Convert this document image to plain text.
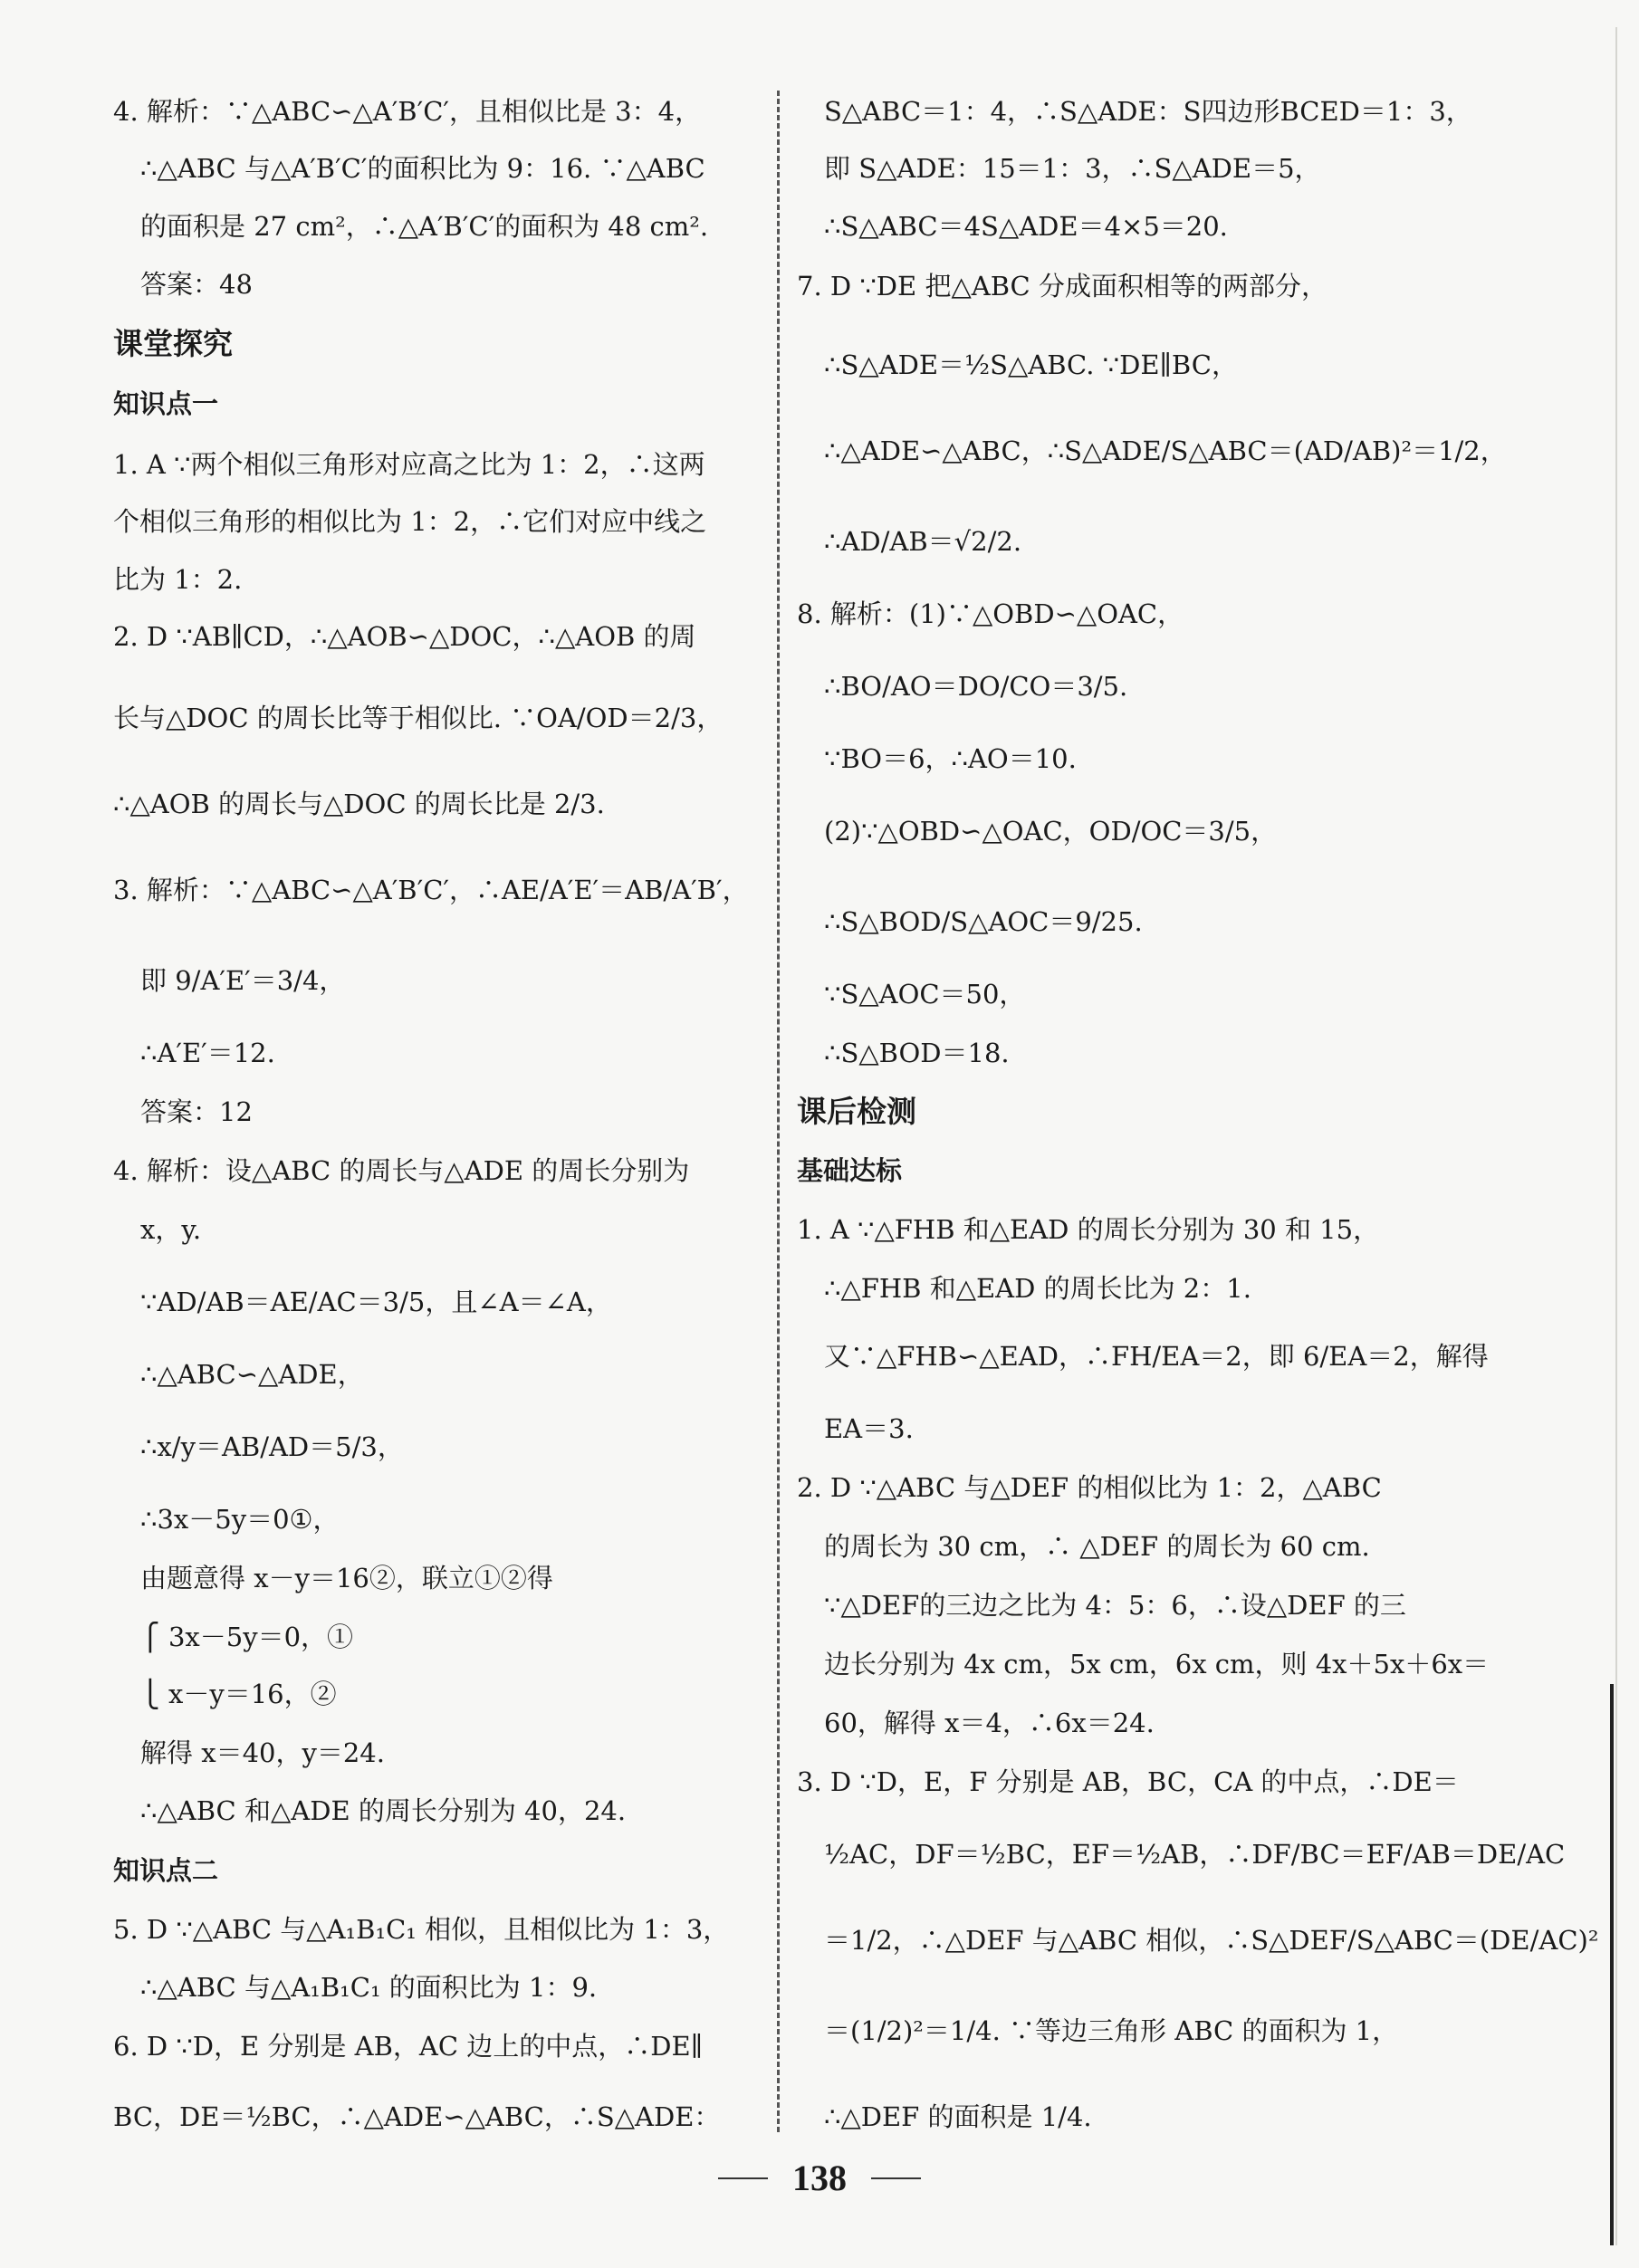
4. 解析：∵△ABC∽△A′B′C′，且相似比是 3：4，
∴△ABC 与△A′B′C′的面积比为 9：16. ∵△ABC
的面积是 27 cm²，∴△A′B′C′的面积为 48 cm².
答案：48
课堂探究
知识点一
1. A ∵两个相似三角形对应高之比为 1：2，∴这两
个相似三角形的相似比为 1：2，∴它们对应中线之
比为 1：2.
2. D ∵AB∥CD，∴△AOB∽△DOC，∴△AOB 的周
长与△DOC 的周长比等于相似比. ∵OA/OD＝2/3，
∴△AOB 的周长与△DOC 的周长比是 2/3.
3. 解析：∵△ABC∽△A′B′C′，∴AE/A′E′＝AB/A′B′，
即 9/A′E′＝3/4，
∴A′E′＝12.
答案：12
4. 解析：设△ABC 的周长与△ADE 的周长分别为
x，y.
∵AD/AB＝AE/AC＝3/5，且∠A＝∠A，
∴△ABC∽△ADE，
∴x/y＝AB/AD＝5/3，
∴3x－5y＝0①，
由题意得 x－y＝16②，联立①②得
⎧ 3x－5y＝0，①
⎩ x－y＝16，②
解得 x＝40，y＝24.
∴△ABC 和△ADE 的周长分别为 40，24.
知识点二
5. D ∵△ABC 与△A₁B₁C₁ 相似，且相似比为 1：3，
∴△ABC 与△A₁B₁C₁ 的面积比为 1：9.
6. D ∵D，E 分别是 AB，AC 边上的中点，∴DE∥
BC，DE＝½BC，∴△ADE∽△ABC，∴S△ADE：
S△ABC＝1：4，∴S△ADE：S四边形BCED＝1：3，
即 S△ADE：15＝1：3，∴S△ADE＝5，
∴S△ABC＝4S△ADE＝4×5＝20.
7. D ∵DE 把△ABC 分成面积相等的两部分，
∴S△ADE＝½S△ABC. ∵DE∥BC，
∴△ADE∽△ABC，∴S△ADE/S△ABC＝(AD/AB)²＝1/2，
∴AD/AB＝√2/2.
8. 解析：(1)∵△OBD∽△OAC，
∴BO/AO＝DO/CO＝3/5.
∵BO＝6，∴AO＝10.
(2)∵△OBD∽△OAC，OD/OC＝3/5，
∴S△BOD/S△AOC＝9/25.
∵S△AOC＝50，
∴S△BOD＝18.
课后检测
基础达标
1. A ∵△FHB 和△EAD 的周长分别为 30 和 15，
∴△FHB 和△EAD 的周长比为 2：1.
又∵△FHB∽△EAD，∴FH/EA＝2，即 6/EA＝2，解得
EA＝3.
2. D ∵△ABC 与△DEF 的相似比为 1：2，△ABC
的周长为 30 cm，∴ △DEF 的周长为 60 cm.
∵△DEF的三边之比为 4：5：6，∴设△DEF 的三
边长分别为 4x cm，5x cm，6x cm，则 4x＋5x＋6x＝
60，解得 x＝4，∴6x＝24.
3. D ∵D，E，F 分别是 AB，BC，CA 的中点，∴DE＝
½AC，DF＝½BC，EF＝½AB，∴DF/BC＝EF/AB＝DE/AC
＝1/2，∴△DEF 与△ABC 相似，∴S△DEF/S△ABC＝(DE/AC)²
＝(1/2)²＝1/4. ∵等边三角形 ABC 的面积为 1，
∴△DEF 的面积是 1/4.
138
